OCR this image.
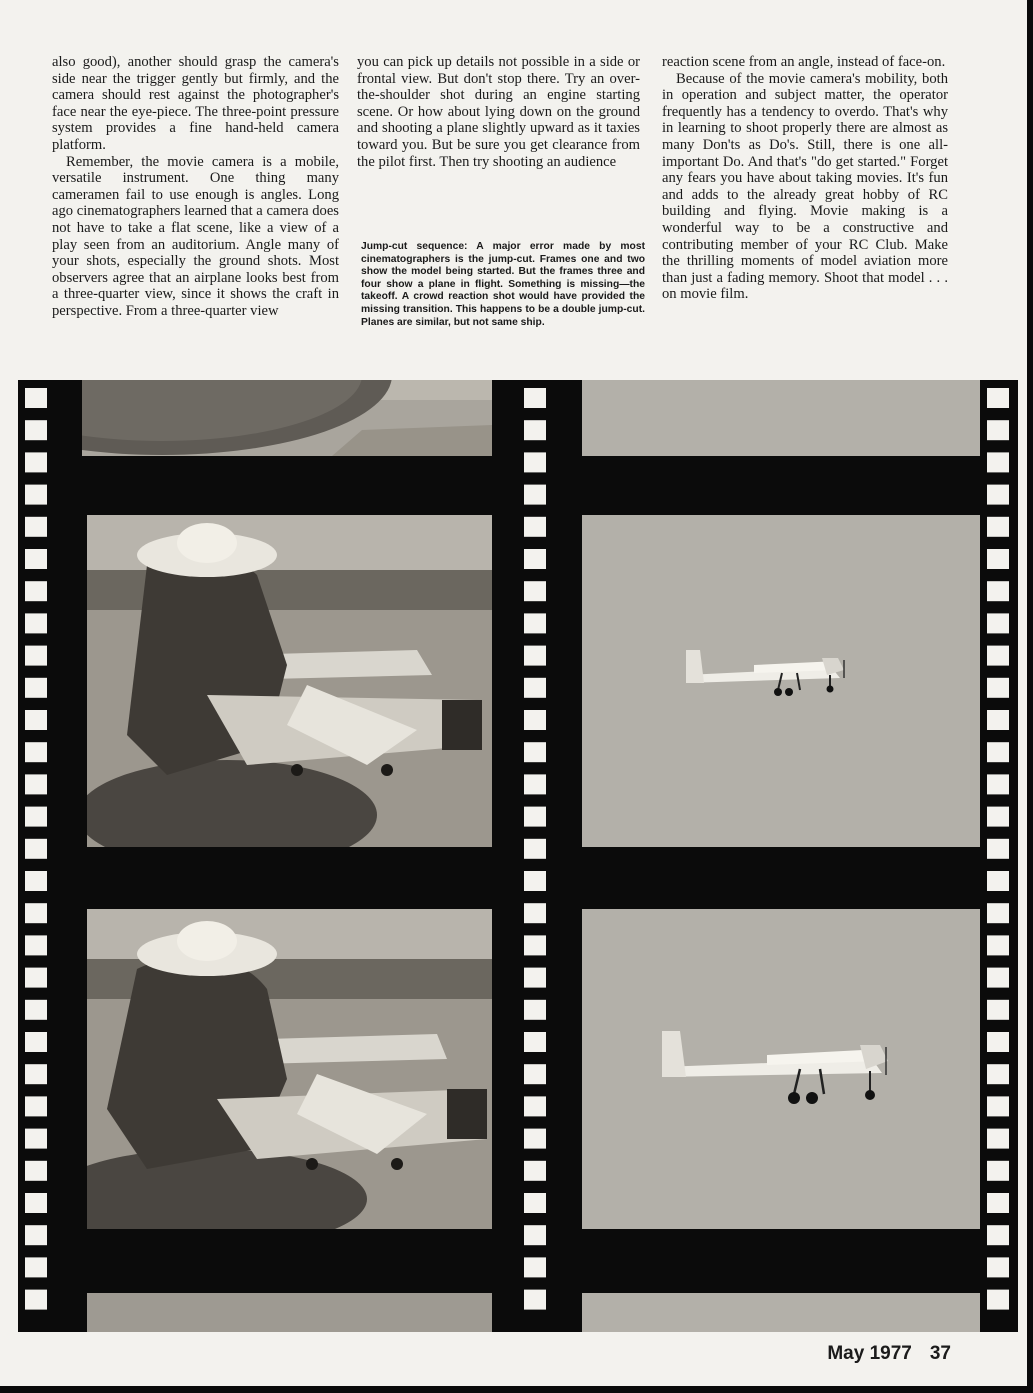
also good), another should grasp the camera's side near the trigger gently but firmly, and the camera should rest against the photographer's face near the eye-piece. The three-point pressure system provides a fine hand-held camera platform.

Remember, the movie camera is a mobile, versatile instrument. One thing many cameramen fail to use enough is angles. Long ago cinematographers learned that a camera does not have to take a flat scene, like a view of a play seen from an auditorium. Angle many of your shots, especially the ground shots. Most observers agree that an airplane looks best from a three-quarter view, since it shows the craft in perspective. From a three-quarter view

you can pick up details not possible in a side or frontal view. But don't stop there. Try an over-the-shoulder shot during an engine starting scene. Or how about lying down on the ground and shooting a plane slightly upward as it taxies toward you. But be sure you get clearance from the pilot first. Then try shooting an audience

reaction scene from an angle, instead of face-on.

Because of the movie camera's mobility, both in operation and subject matter, the operator frequently has a tendency to overdo. That's why in learning to shoot properly there are almost as many Don'ts as Do's. Still, there is one all-important Do. And that's "do get started." Forget any fears you have about taking movies. It's fun and adds to the already great hobby of RC building and flying. Movie making is a wonderful way to be a constructive and contributing member of your RC Club. Make the thrilling moments of model aviation more than just a fading memory. Shoot that model . . . on movie film.

Jump-cut sequence: A major error made by most cinematographers is the jump-cut. Frames one and two show the model being started. But the frames three and four show a plane in flight. Something is missing—the takeoff. A crowd reaction shot would have provided the missing transition. This happens to be a double jump-cut. Planes are similar, but not same ship.
May 1977 37
